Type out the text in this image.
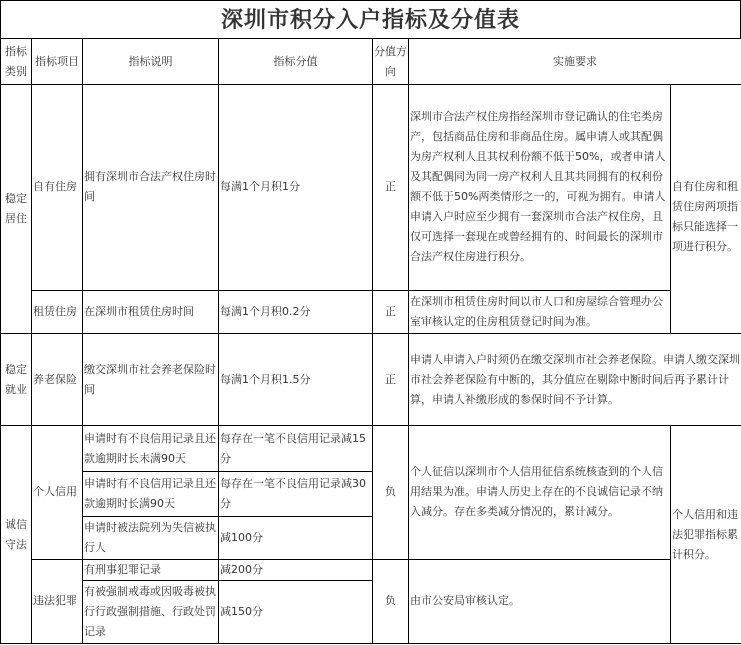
深圳市积分入户指标及分值表
指标类别	指标项目	指标说明	指标分值	分值方向	实施要求	
稳定居住	自有住房	拥有深圳市合法产权住房时间	每满1个月积1分	正	深圳市合法产权住房指经深圳市登记确认的住宅类房产，包括商品住房和非商品住房。属申请人或其配偶为房产权利人且其权利份额不低于50%，或者申请人及其配偶同为同一房产权利人且其共同拥有的权利份额不低于50%两类情形之一的，可视为拥有。申请人申请入户时应至少拥有一套深圳市合法产权住房，且仅可选择一套现在或曾经拥有的、时间最长的深圳市合法产权住房进行积分。	自有住房和租赁住房两项指标只能选择一项进行积分。
	租赁住房	在深圳市租赁住房时间	每满1个月积0.2分	正	在深圳市租赁住房时间以市人口和房屋综合管理办公室审核认定的住房租赁登记时间为准。	
稳定就业	养老保险	缴交深圳市社会养老保险时间	每满1个月积1.5分	正	申请人申请入户时须仍在缴交深圳市社会养老保险。申请人缴交深圳市社会养老保险有中断的，其分值应在剔除中断时间后再予累计计算，申请人补缴形成的参保时间不予计算。	
诚信守法	个人信用	申请时有不良信用记录且还款逾期时长未满90天	每存在一笔不良信用记录减15分	负	个人征信以深圳市个人信用征信系统核查到的个人信用结果为准。申请人历史上存在的不良诚信记录不纳入减分。存在多类减分情况的，累计减分。	个人信用和违法犯罪指标累计积分。
		申请时有不良信用记录且还款逾期时长满90天	每存在一笔不良信用记录减30分			
		申请时被法院列为失信被执行人	减100分			
	违法犯罪	有刑事犯罪记录	减200分	负	由市公安局审核认定。	
		有被强制戒毒或因吸毒被执行行政强制措施、行政处罚记录	减150分			
